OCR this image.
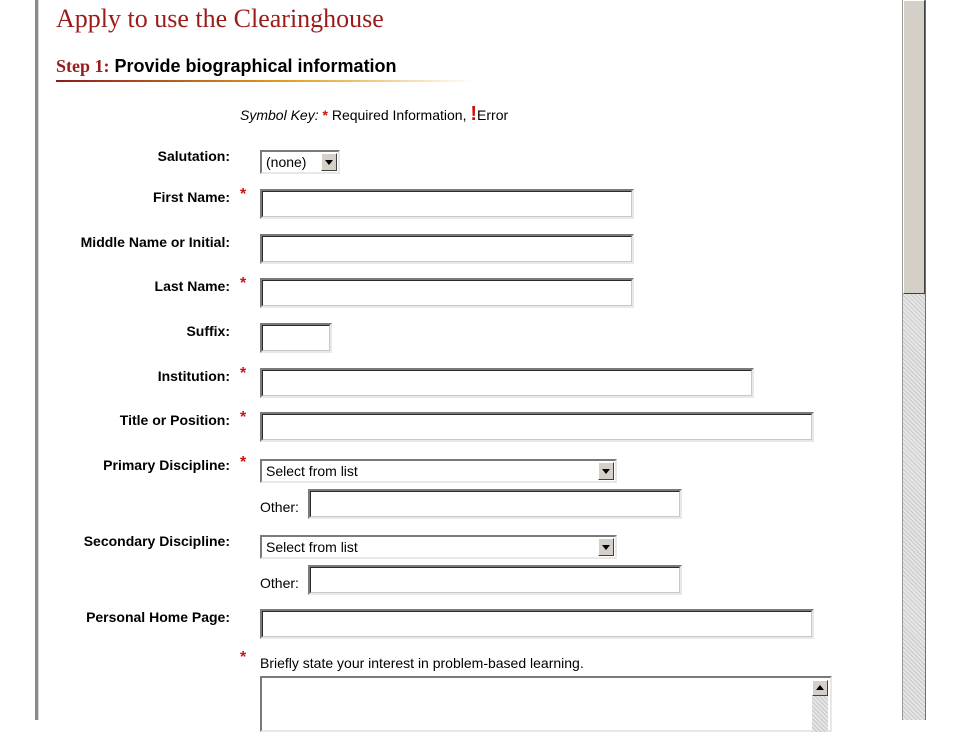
Apply to use the Clearinghouse
Step 1: Provide biographical information
Symbol Key: * Required Information, !Error
Salutation:	(none)
First Name: *
Middle Name or Initial:
Last Name: *
Suffix:
Institution: *
Title or Position: *
Primary Discipline: * Select from list
Other:
Secondary Discipline:	Select from list
Other:
Personal Home Page:
* Briefly state your interest in problem-based learning.
